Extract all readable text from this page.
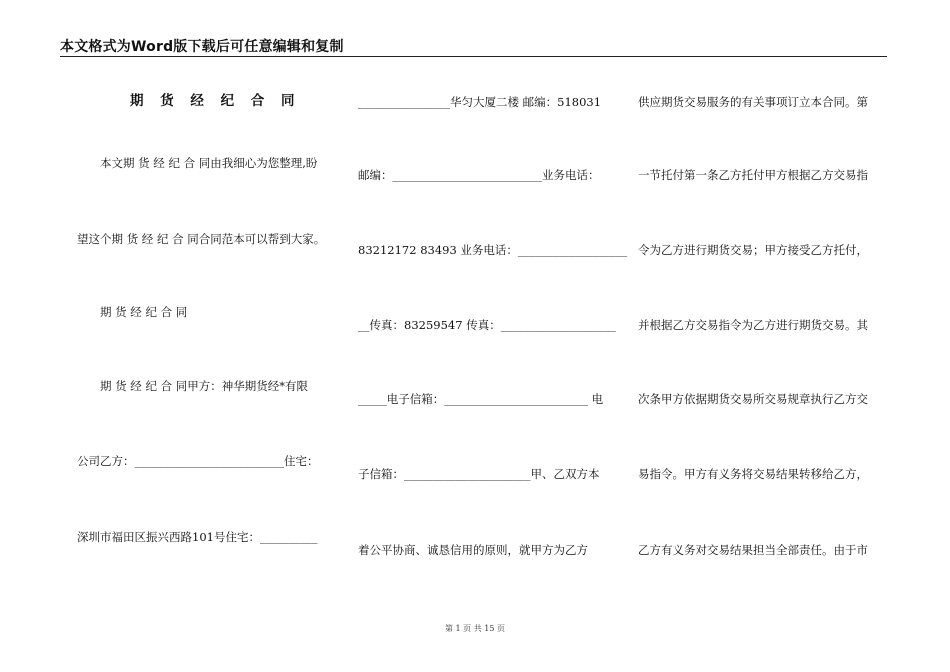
本文格式为Word版下载后可任意编辑和复制
期 货 经 纪 合 同
本文期 货 经 纪 合 同由我细心为您整理,盼
望这个期 货 经 纪 合 同合同范本可以帮到大家。
期 货 经 纪 合 同
期 货 经 纪 合 同甲方：神华期货经*有限
公司乙方：__________________________住宅：
深圳市福田区振兴西路101号住宅：__________
________________华匀大厦二楼 邮编：518031
邮编：__________________________业务电话：
83212172 83493 业务电话：___________________
__传真：83259547 传真：____________________
_____电子信箱：_________________________ 电
子信箱：______________________甲、乙双方本
着公平协商、诚恳信用的原则，就甲方为乙方
供应期货交易服务的有关事项订立本合同。第
一节托付第一条乙方托付甲方根据乙方交易指
令为乙方进行期货交易；甲方接受乙方托付，
并根据乙方交易指令为乙方进行期货交易。其
次条甲方依据期货交易所交易规章执行乙方交
易指令。甲方有义务将交易结果转移给乙方，
乙方有义务对交易结果担当全部责任。由于市
第 1 页 共 15 页
